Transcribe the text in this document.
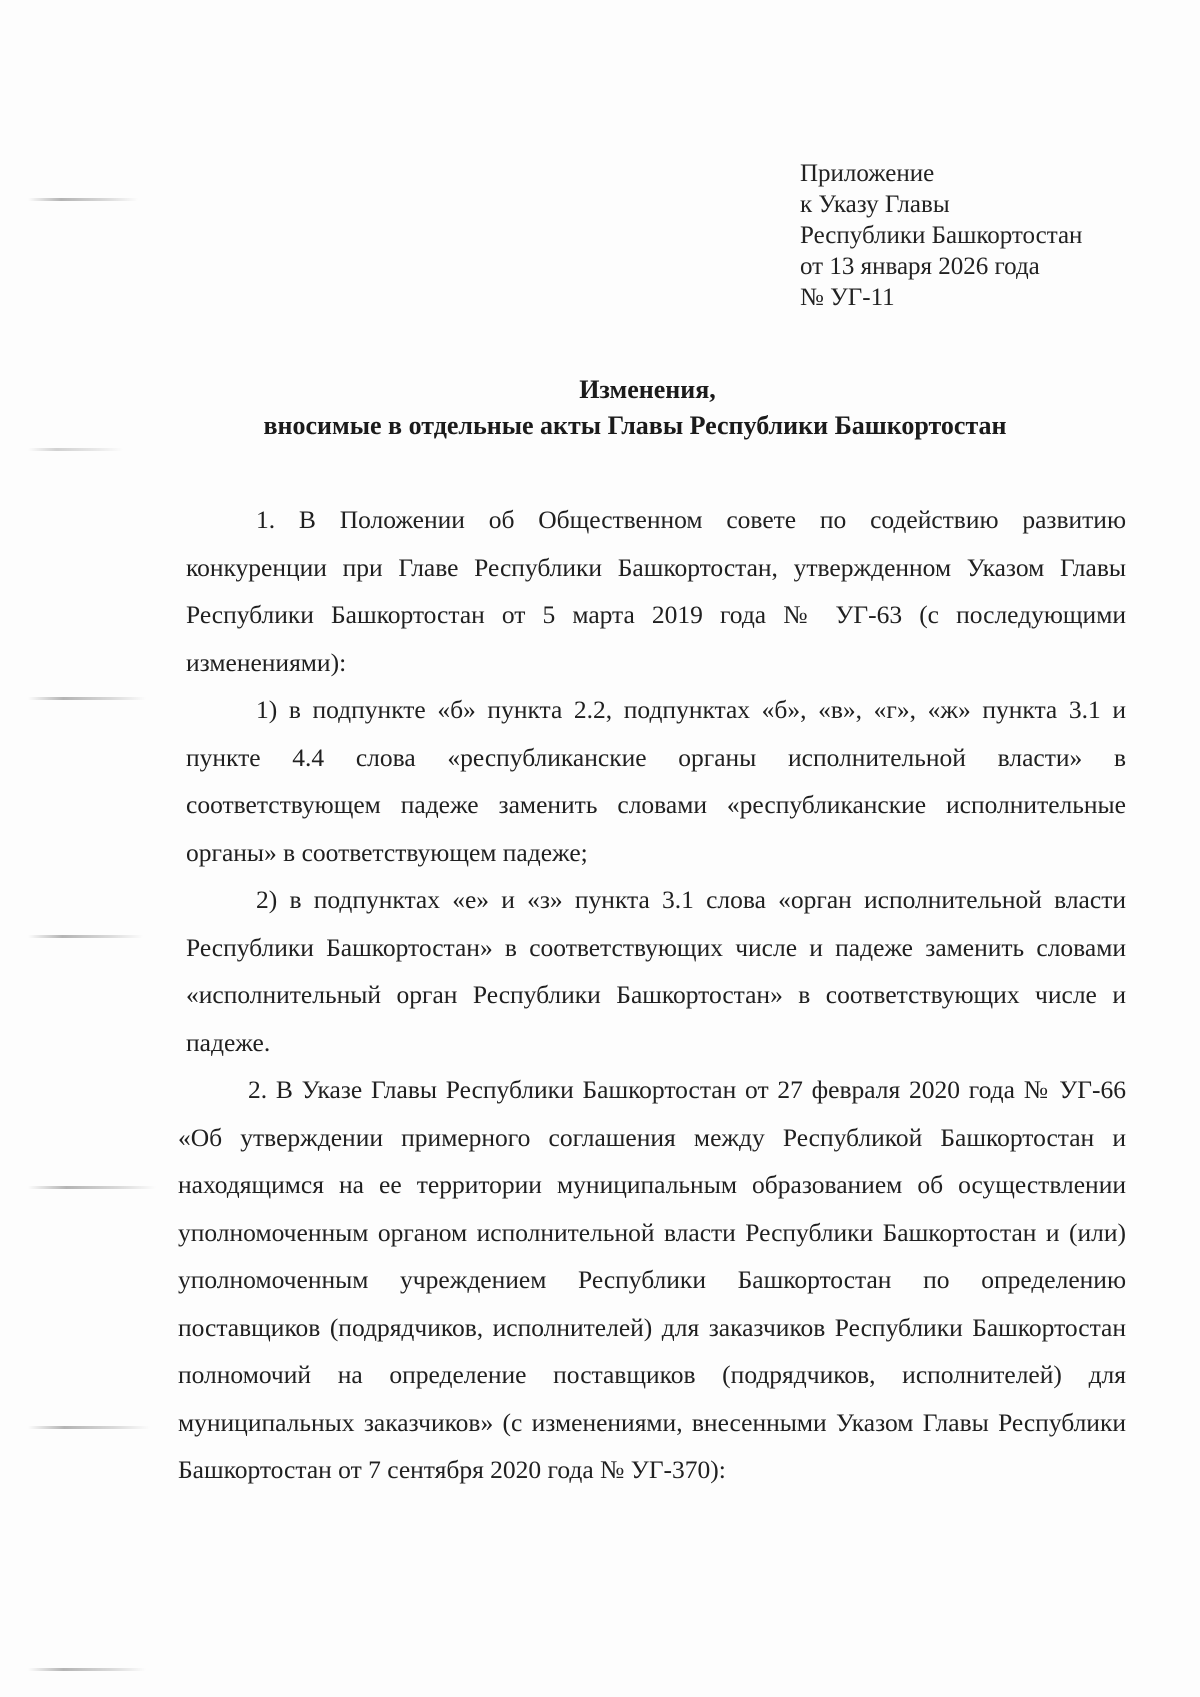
Приложение
к Указу Главы
Республики Башкортостан
от 13 января 2026 года
№ УГ-11
Изменения,
вносимые в отдельные акты Главы Республики Башкортостан

1. В Положении об Общественном совете по содействию развитию конкуренции при Главе Республики Башкортостан, утвержденном Указом Главы Республики Башкортостан от 5 марта 2019 года № УГ-63 (с последующими изменениями):

1) в подпункте «б» пункта 2.2, подпунктах «б», «в», «г», «ж» пункта 3.1 и пункте 4.4 слова «республиканские органы исполнительной власти» в соответствующем падеже заменить словами «республиканские исполнительные органы» в соответствующем падеже;

2) в подпунктах «е» и «з» пункта 3.1 слова «орган исполнительной власти Республики Башкортостан» в соответствующих числе и падеже заменить словами «исполнительный орган Республики Башкортостан» в соответствующих числе и падеже.

2. В Указе Главы Республики Башкортостан от 27 февраля 2020 года № УГ-66 «Об утверждении примерного соглашения между Республикой Башкортостан и находящимся на ее территории муниципальным образованием об осуществлении уполномоченным органом исполнительной власти Республики Башкортостан и (или) уполномоченным учреждением Республики Башкортостан по определению поставщиков (подрядчиков, исполнителей) для заказчиков Республики Башкортостан полномочий на определение поставщиков (подрядчиков, исполнителей) для муниципальных заказчиков» (с изменениями, внесенными Указом Главы Республики Башкортостан от 7 сентября 2020 года № УГ-370):
